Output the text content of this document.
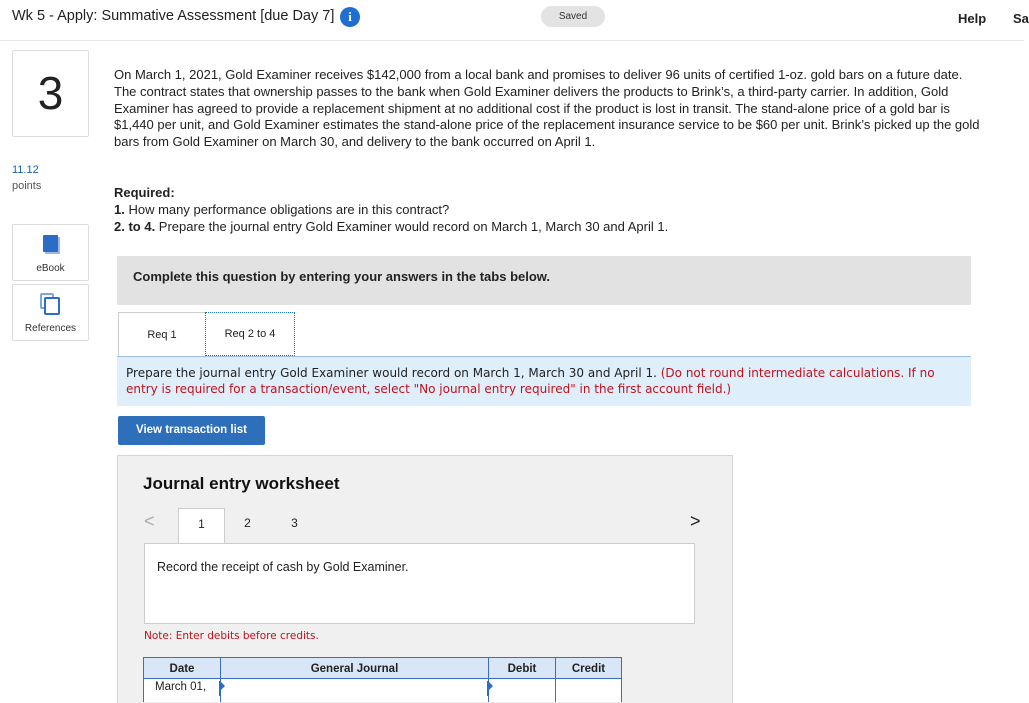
Wk 5 - Apply: Summative Assessment [due Day 7]	i	Saved	Help Sa
3
11.12
points
eBook
References
On March 1, 2021, Gold Examiner receives $142,000 from a local bank and promises to deliver 96 units of certified 1-oz. gold bars on a future date. The contract states that ownership passes to the bank when Gold Examiner delivers the products to Brink’s, a third-party carrier. In addition, Gold Examiner has agreed to provide a replacement shipment at no additional cost if the product is lost in transit. The stand-alone price of a gold bar is $1,440 per unit, and Gold Examiner estimates the stand-alone price of the replacement insurance service to be $60 per unit. Brink’s picked up the gold bars from Gold Examiner on March 30, and delivery to the bank occurred on April 1.
Required:
1. How many performance obligations are in this contract?
2. to 4. Prepare the journal entry Gold Examiner would record on March 1, March 30 and April 1.
Complete this question by entering your answers in the tabs below.
Req 1	Req 2 to 4
Prepare the journal entry Gold Examiner would record on March 1, March 30 and April 1. (Do not round intermediate calculations. If no entry is required for a transaction/event, select "No journal entry required" in the first account field.)
View transaction list
Journal entry worksheet
<	1	2	3	>
Record the receipt of cash by Gold Examiner.
Note: Enter debits before credits.
Date	General Journal	Debit	Credit
March 01,
